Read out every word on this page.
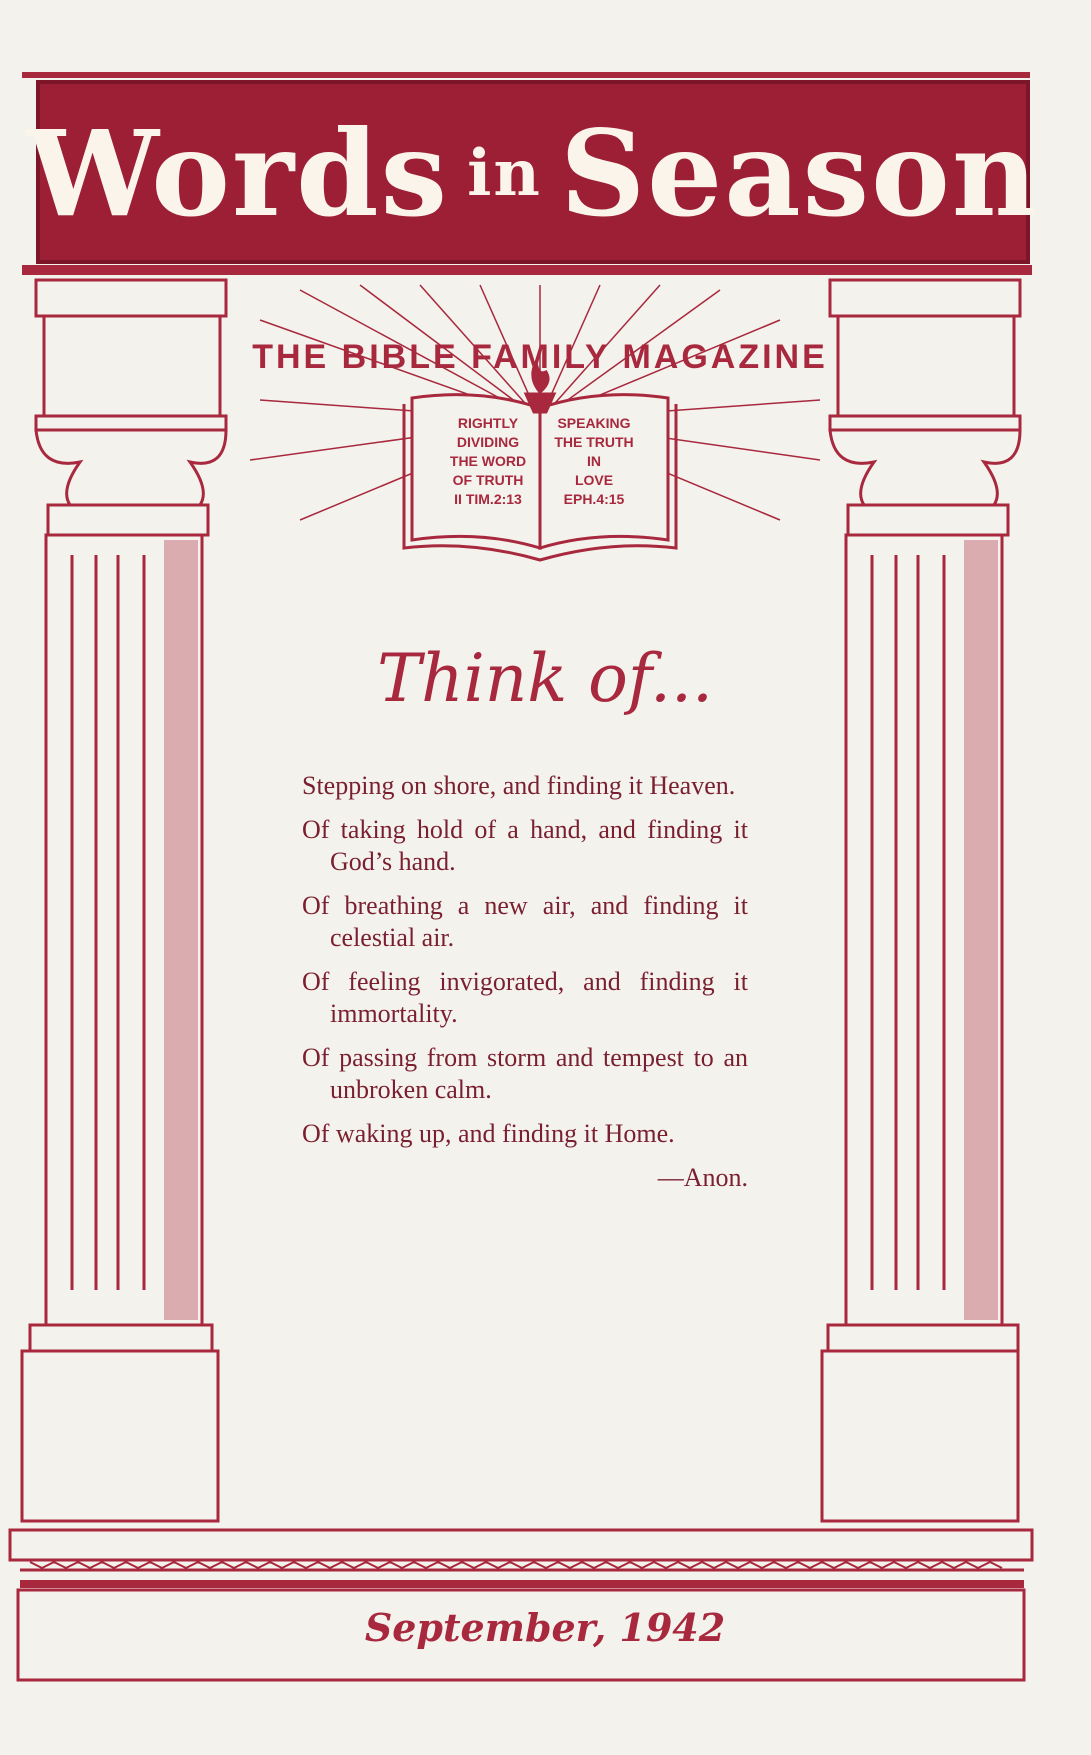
Words in Season
THE BIBLE FAMILY MAGAZINE
RIGHTLY
DIVIDING
THE WORD
OF TRUTH
II TIM.2:13
SPEAKING
THE TRUTH
IN
LOVE
EPH.4:15
Think of...

Stepping on shore, and finding it Heaven.

Of taking hold of a hand, and finding it God’s hand.

Of breathing a new air, and finding it celestial air.

Of feeling invigorated, and finding it immortality.

Of passing from storm and tempest to an unbroken calm.

Of waking up, and finding it Home.

—Anon.
September, 1942
